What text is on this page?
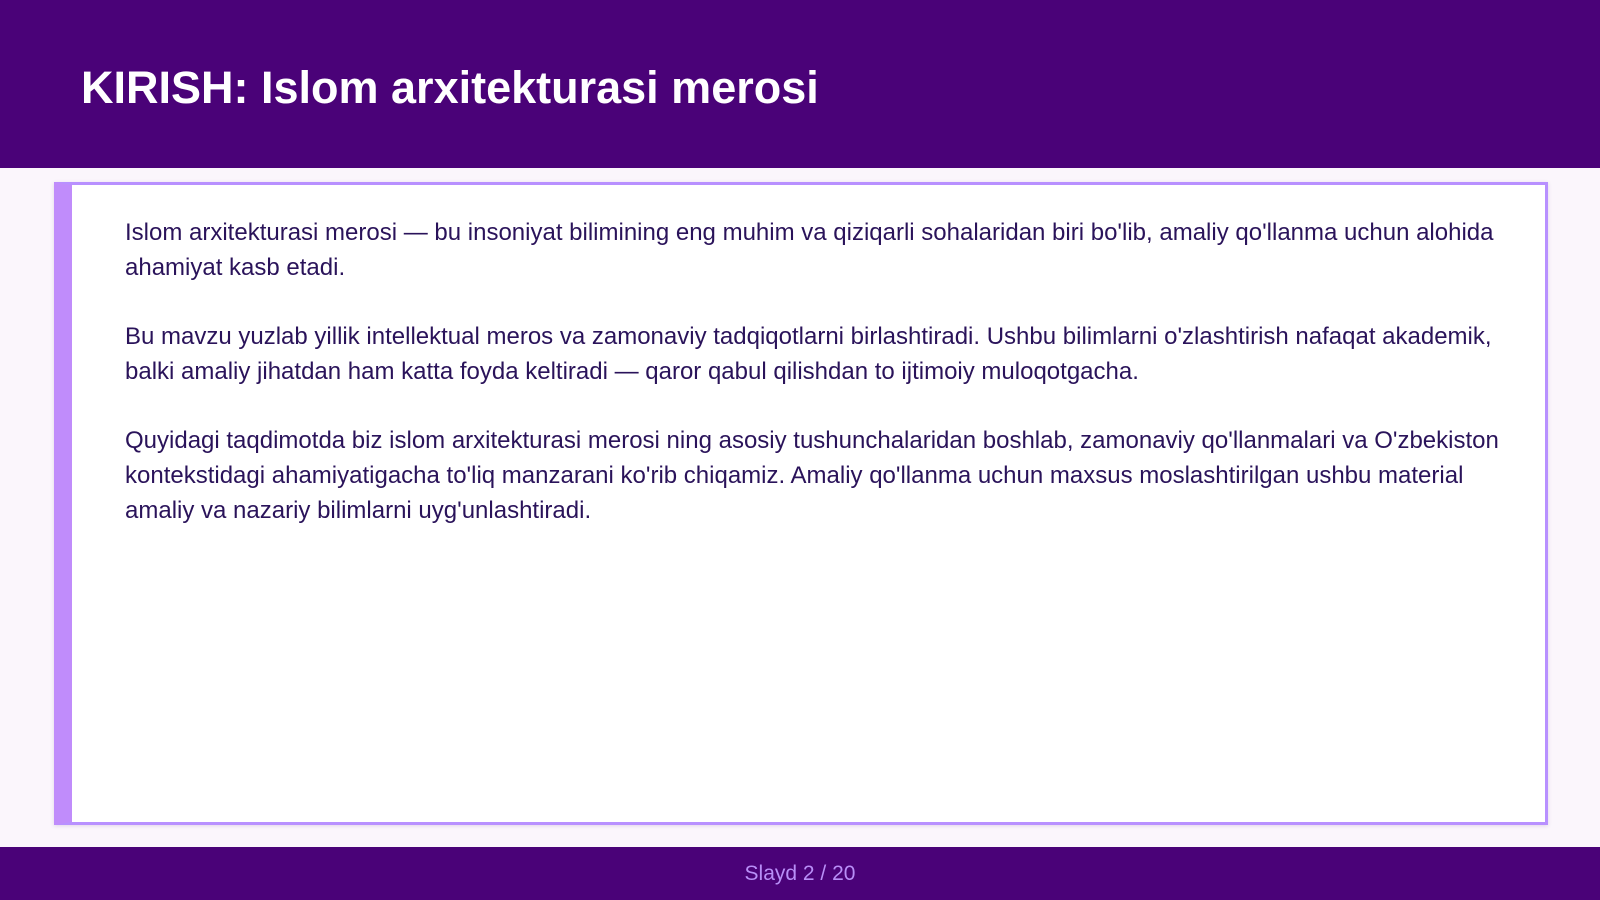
KIRISH: Islom arxitekturasi merosi

Islom arxitekturasi merosi — bu insoniyat bilimining eng muhim va qiziqarli sohalaridan biri bo'lib, amaliy qo'llanma uchun alohida ahamiyat kasb etadi.

Bu mavzu yuzlab yillik intellektual meros va zamonaviy tadqiqotlarni birlashtiradi. Ushbu bilimlarni o'zlashtirish nafaqat akademik, balki amaliy jihatdan ham katta foyda keltiradi — qaror qabul qilishdan to ijtimoiy muloqotgacha.

Quyidagi taqdimotda biz islom arxitekturasi merosi ning asosiy tushunchalaridan boshlab, zamonaviy qo'llanmalari va O'zbekiston kontekstidagi ahamiyatigacha to'liq manzarani ko'rib chiqamiz. Amaliy qo'llanma uchun maxsus moslashtirilgan ushbu material amaliy va nazariy bilimlarni uyg'unlashtiradi.

Slayd 2 / 20
